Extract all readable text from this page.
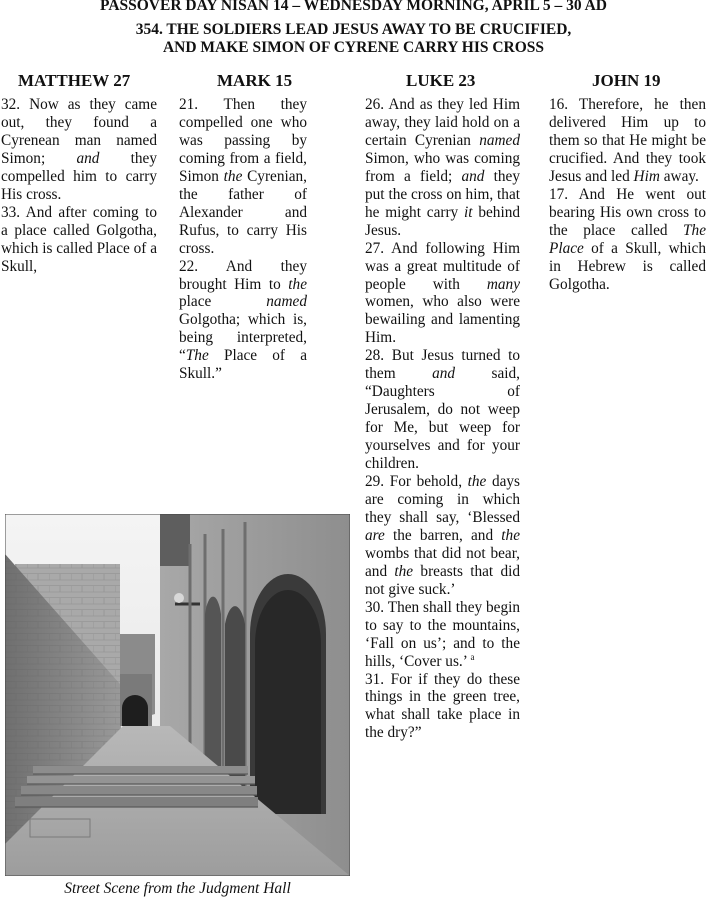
PASSOVER DAY NISAN 14 – WEDNESDAY MORNING, APRIL 5 – 30 AD
354. THE SOLDIERS LEAD JESUS AWAY TO BE CRUCIFIED,
AND MAKE SIMON OF CYRENE CARRY HIS CROSS
MATTHEW 27	MARK 15	LUKE 23	JOHN 19

32. Now as they came out, they found a Cyrenean man named Simon; and they compelled him to carry His cross.

33. And after coming to a place called Golgotha, which is called Place of a Skull,

21. Then they compelled one who was passing by coming from a field, Simon the Cyrenian, the father of Alexander and Rufus, to carry His cross.

22. And they brought Him to the place named Golgotha; which is, being interpreted, “The Place of a Skull.”

26. And as they led Him away, they laid hold on a certain Cyrenian named Simon, who was coming from a field; and they put the cross on him, that he might carry it behind Jesus.

27. And following Him was a great multitude of people with many women, who also were bewailing and lamenting Him.

28. But Jesus turned to them and said, “Daughters of Jerusalem, do not weep for Me, but weep for yourselves and for your children.

29. For behold, the days are coming in which they shall say, ‘Blessed are the barren, and the wombs that did not bear, and the breasts that did not give suck.’

30. Then shall they begin to say to the mountains, ‘Fall on us’; and to the hills, ‘Cover us.’ $^a$

31. For if they do these things in the green tree, what shall take place in the dry?”

16. Therefore, he then delivered Him up to them so that He might be crucified. And they took Jesus and led Him away.

17. And He went out bearing His own cross to the place called The Place of a Skull, which in Hebrew is called Golgotha.

Street Scene from the Judgment Hall
